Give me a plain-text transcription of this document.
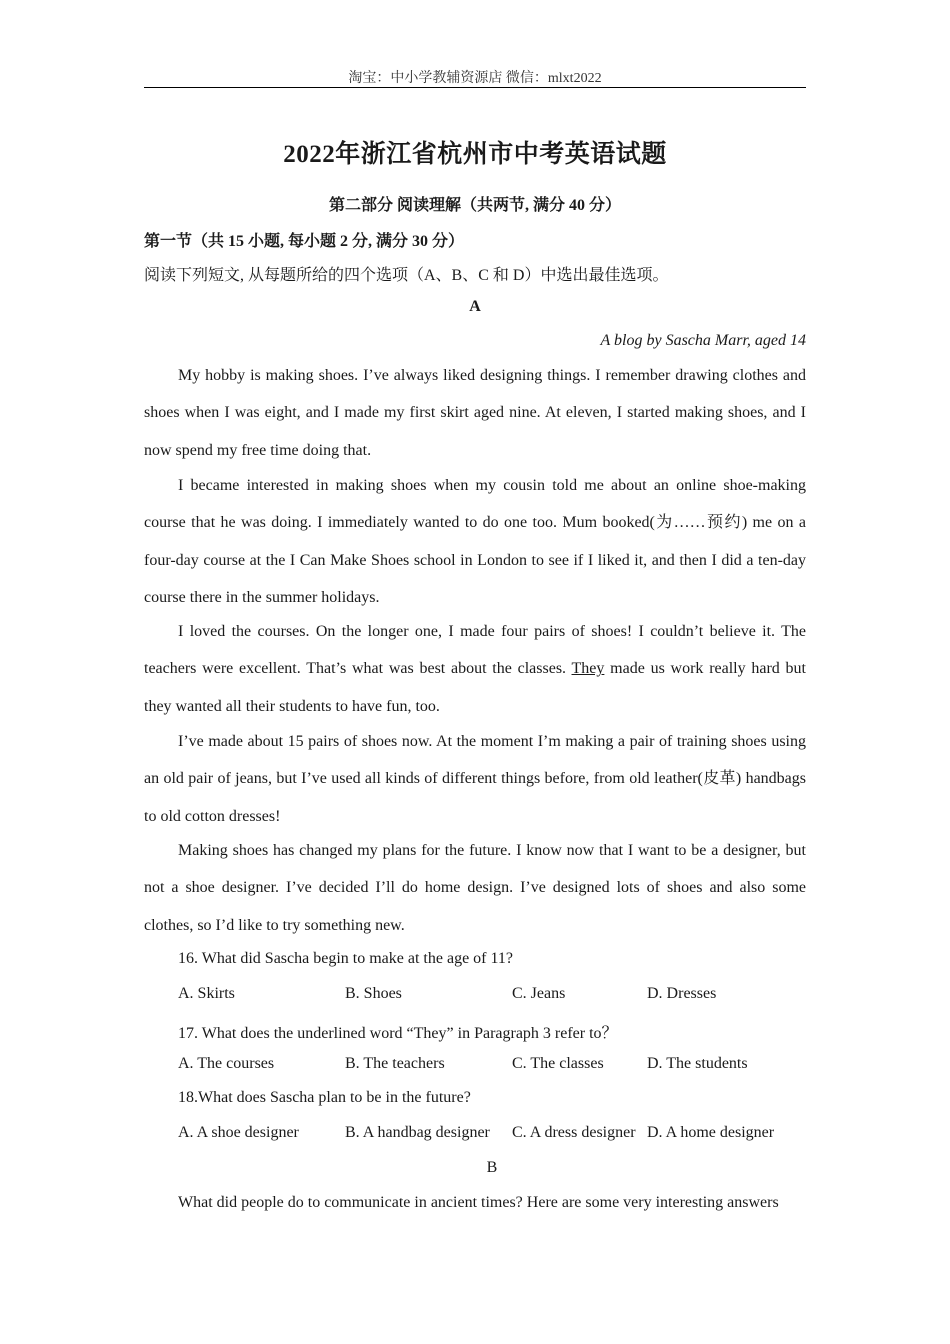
淘宝：中小学教辅资源店 微信：mlxt2022
2022年浙江省杭州市中考英语试题
第二部分 阅读理解（共两节, 满分 40 分）
第一节（共 15 小题, 每小题 2 分, 满分 30 分）
阅读下列短文, 从每题所给的四个选项（A、B、C 和 D）中选出最佳选项。
A
A blog by Sascha Marr, aged 14
My hobby is making shoes. I’ve always liked designing things. I remember drawing clothes and shoes when I was eight, and I made my first skirt aged nine. At eleven, I started making shoes, and I now spend my free time doing that.
I became interested in making shoes when my cousin told me about an online shoe-making course that he was doing. I immediately wanted to do one too. Mum booked(为……预约) me on a four-day course at the I Can Make Shoes school in London to see if I liked it, and then I did a ten-day course there in the summer holidays.
I loved the courses. On the longer one, I made four pairs of shoes! I couldn’t believe it. The teachers were excellent. That’s what was best about the classes. They made us work really hard but they wanted all their students to have fun, too.
I’ve made about 15 pairs of shoes now. At the moment I’m making a pair of training shoes using an old pair of jeans, but I’ve used all kinds of different things before, from old leather(皮革) handbags to old cotton dresses!
Making shoes has changed my plans for the future. I know now that I want to be a designer, but not a shoe designer. I’ve decided I’ll do home design. I’ve designed lots of shoes and also some clothes, so I’d like to try something new.
16. What did Sascha begin to make at the age of 11?
A. Skirts	B. Shoes	C. Jeans	D. Dresses
17. What does the underlined word “They” in Paragraph 3 refer to？
A. The courses	B. The teachers	C. The classes	D. The students
18.What does Sascha plan to be in the future?
A. A shoe designer	B. A handbag designer C. A dress designer D. A home designer
B
What did people do to communicate in ancient times? Here are some very interesting answers
